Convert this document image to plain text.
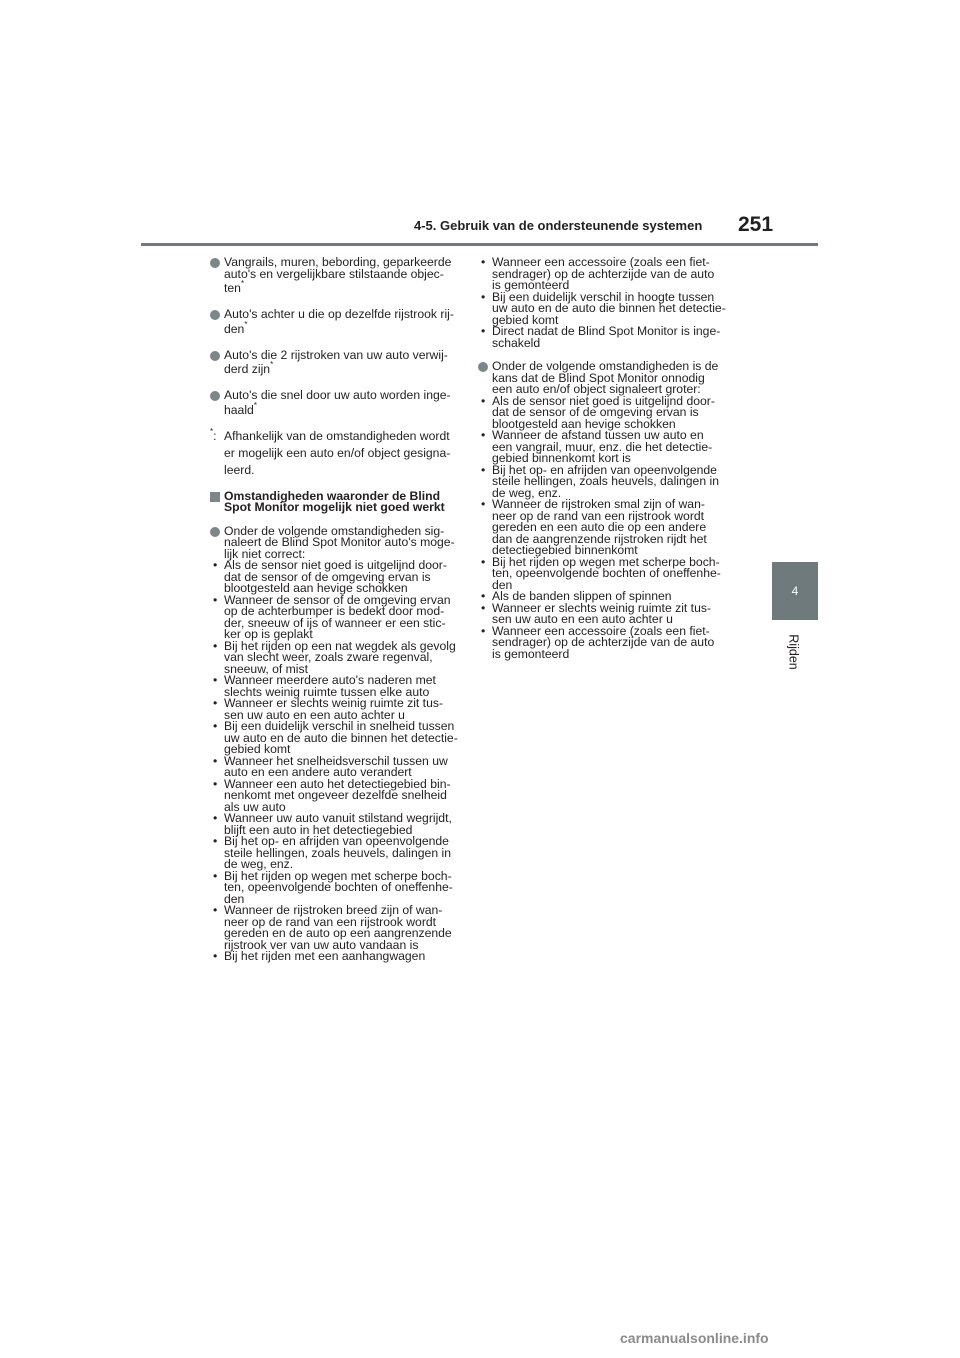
4-5. Gebruik van de ondersteunende systemen 251
4
Rijden
Vangrails, muren, bebording, geparkeerde
auto's en vergelijkbare stilstaande objec-
ten*
Auto's achter u die op dezelfde rijstrook rij-
den*
Auto's die 2 rijstroken van uw auto verwij-
derd zijn*
Auto's die snel door uw auto worden inge-
haald*
*: Afhankelijk van de omstandigheden wordt
er mogelijk een auto en/of object gesigna-
leerd.
Omstandigheden waaronder de Blind
Spot Monitor mogelijk niet goed werkt
Onder de volgende omstandigheden sig-
naleert de Blind Spot Monitor auto's moge-
lijk niet correct:
• Als de sensor niet goed is uitgelijnd door-
dat de sensor of de omgeving ervan is
blootgesteld aan hevige schokken
• Wanneer de sensor of de omgeving ervan
op de achterbumper is bedekt door mod-
der, sneeuw of ijs of wanneer er een stic-
ker op is geplakt
• Bij het rijden op een nat wegdek als gevolg
van slecht weer, zoals zware regenval,
sneeuw, of mist
• Wanneer meerdere auto's naderen met
slechts weinig ruimte tussen elke auto
• Wanneer er slechts weinig ruimte zit tus-
sen uw auto en een auto achter u
• Bij een duidelijk verschil in snelheid tussen
uw auto en de auto die binnen het detectie-
gebied komt
• Wanneer het snelheidsverschil tussen uw
auto en een andere auto verandert
• Wanneer een auto het detectiegebied bin-
nenkomt met ongeveer dezelfde snelheid
als uw auto
• Wanneer uw auto vanuit stilstand wegrijdt,
blijft een auto in het detectiegebied
• Bij het op- en afrijden van opeenvolgende
steile hellingen, zoals heuvels, dalingen in
de weg, enz.
• Bij het rijden op wegen met scherpe boch-
ten, opeenvolgende bochten of oneffenhe-
den
• Wanneer de rijstroken breed zijn of wan-
neer op de rand van een rijstrook wordt
gereden en de auto op een aangrenzende
rijstrook ver van uw auto vandaan is
• Bij het rijden met een aanhangwagen
• Wanneer een accessoire (zoals een fiet-
sendrager) op de achterzijde van de auto
is gemonteerd
• Bij een duidelijk verschil in hoogte tussen
uw auto en de auto die binnen het detectie-
gebied komt
• Direct nadat de Blind Spot Monitor is inge-
schakeld
Onder de volgende omstandigheden is de
kans dat de Blind Spot Monitor onnodig
een auto en/of object signaleert groter:
• Als de sensor niet goed is uitgelijnd door-
dat de sensor of de omgeving ervan is
blootgesteld aan hevige schokken
• Wanneer de afstand tussen uw auto en
een vangrail, muur, enz. die het detectie-
gebied binnenkomt kort is
• Bij het op- en afrijden van opeenvolgende
steile hellingen, zoals heuvels, dalingen in
de weg, enz.
• Wanneer de rijstroken smal zijn of wan-
neer op de rand van een rijstrook wordt
gereden en een auto die op een andere
dan de aangrenzende rijstroken rijdt het
detectiegebied binnenkomt
• Bij het rijden op wegen met scherpe boch-
ten, opeenvolgende bochten of oneffenhe-
den
• Als de banden slippen of spinnen
• Wanneer er slechts weinig ruimte zit tus-
sen uw auto en een auto achter u
• Wanneer een accessoire (zoals een fiet-
sendrager) op de achterzijde van de auto
is gemonteerd
carmanualsonline.info
